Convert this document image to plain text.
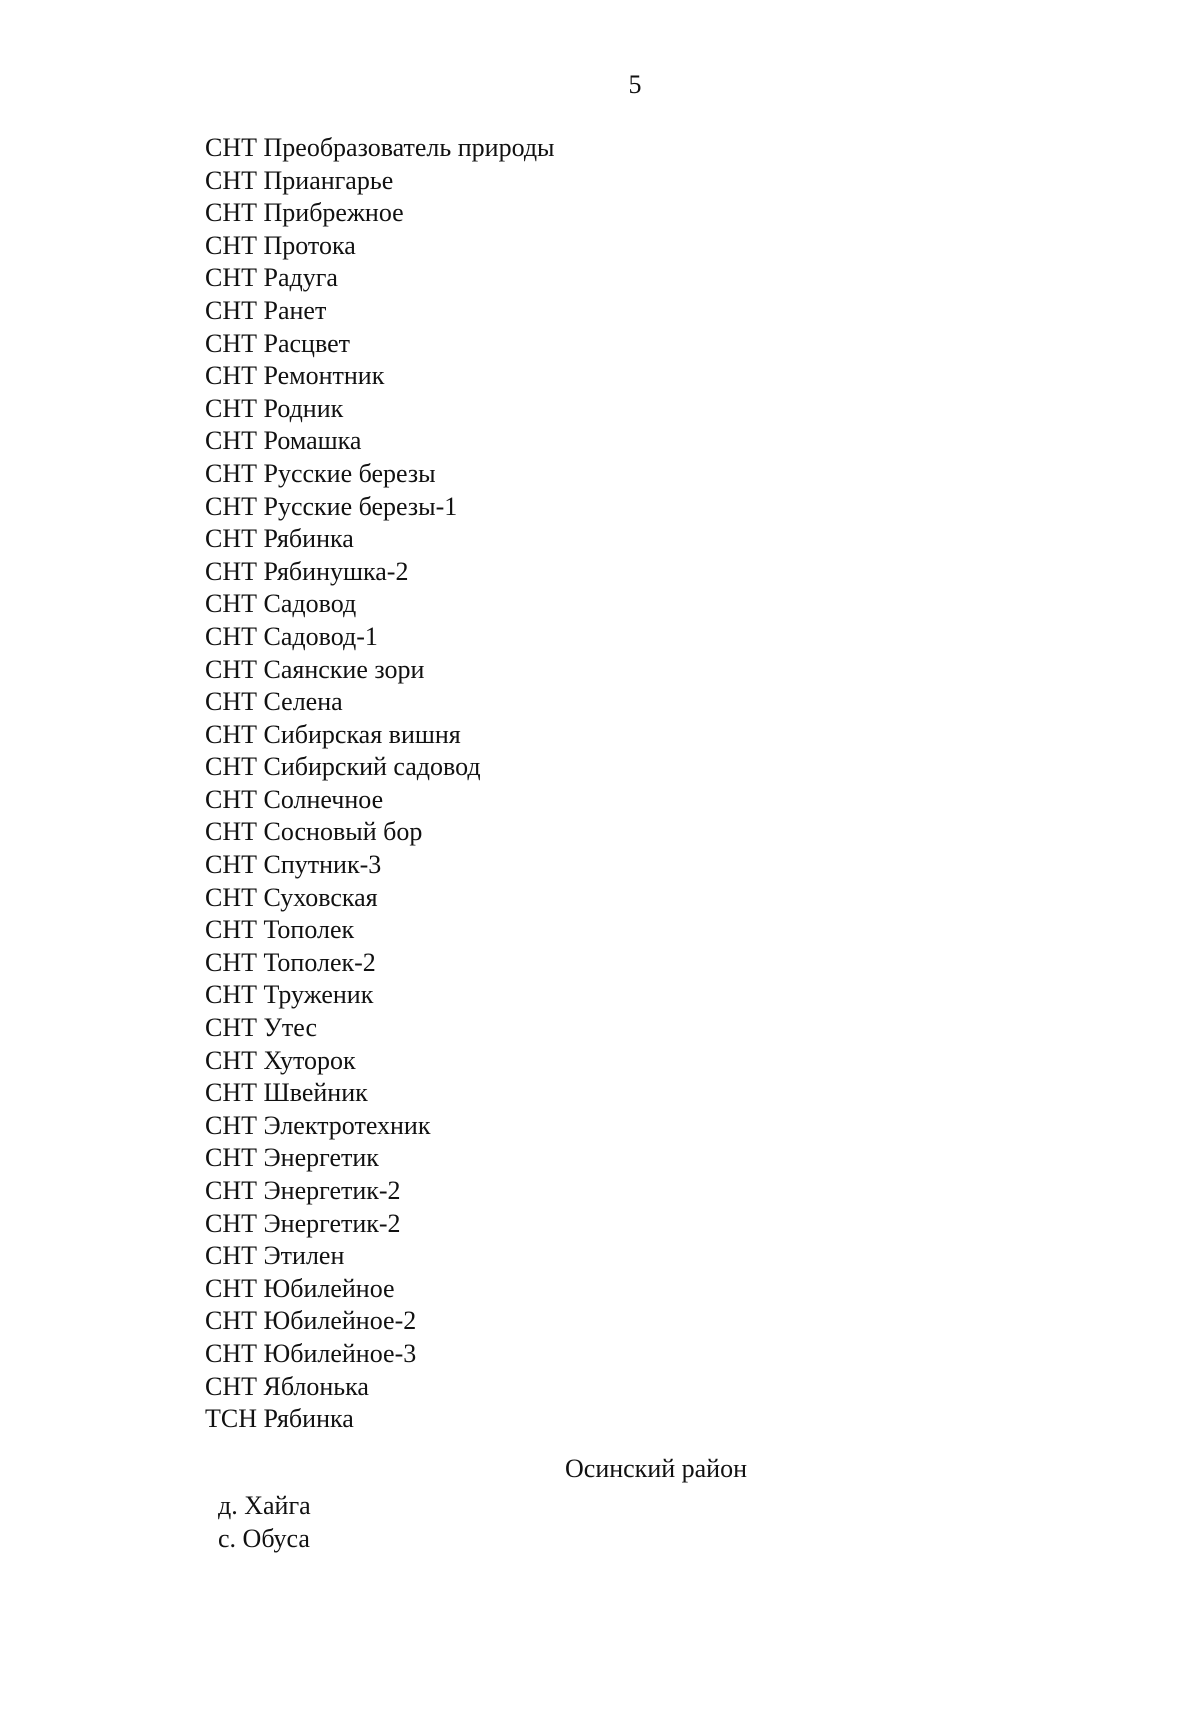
5
СНТ Преобразователь природы
СНТ Приангарье
СНТ Прибрежное
СНТ Протока
СНТ Радуга
СНТ Ранет
СНТ Расцвет
СНТ Ремонтник
СНТ Родник
СНТ Ромашка
СНТ Русские березы
СНТ Русские березы-1
СНТ Рябинка
СНТ Рябинушка-2
СНТ Садовод
СНТ Садовод-1
СНТ Саянские зори
СНТ Селена
СНТ Сибирская вишня
СНТ Сибирский садовод
СНТ Солнечное
СНТ Сосновый бор
СНТ Спутник-3
СНТ Суховская
СНТ Тополек
СНТ Тополек-2
СНТ Труженик
СНТ Утес
СНТ Хуторок
СНТ Швейник
СНТ Электротехник
СНТ Энергетик
СНТ Энергетик-2
СНТ Энергетик-2
СНТ Этилен
СНТ Юбилейное
СНТ Юбилейное-2
СНТ Юбилейное-3
СНТ Яблонька
ТСН Рябинка
Осинский район
д. Хайга
с. Обуса
